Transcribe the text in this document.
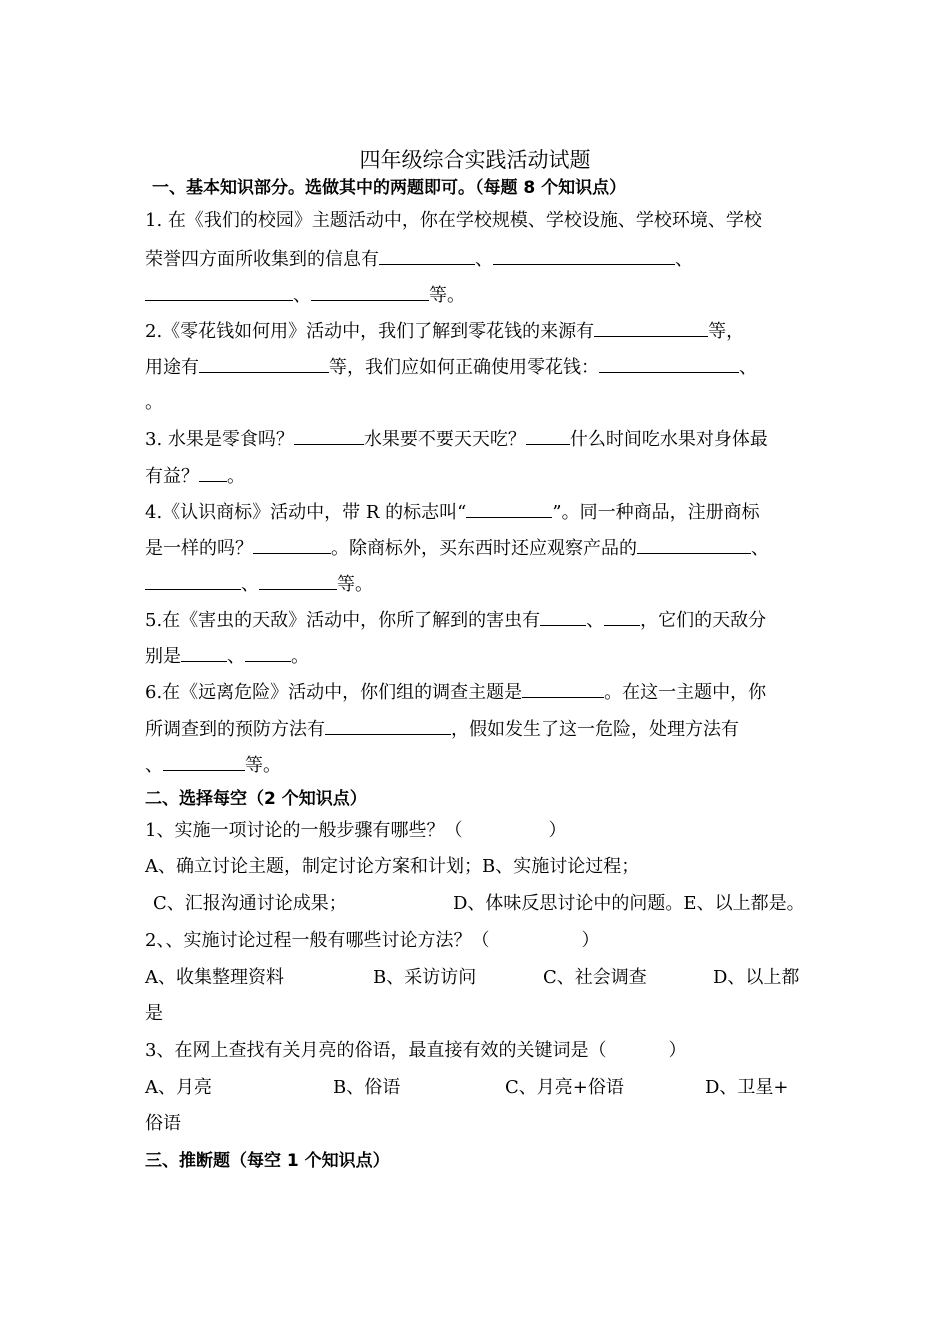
四年级综合实践活动试题
一、基本知识部分。选做其中的两题即可。（每题 8 个知识点）
1. 在《我们的校园》主题活动中，你在学校规模、学校设施、学校环境、学校
荣誉四方面所收集到的信息有	、	、
、	等。
2.《零花钱如何用》活动中，我们了解到零花钱的来源有	等，
用途有	等，我们应如何正确使用零花钱：	、
。
3. 水果是零食吗？	水果要不要天天吃？ 什么时间吃水果对身体最
有益？ 。
4.《认识商标》活动中，带 R 的标志叫“	”。同一种商品，注册商标
是一样的吗？	。除商标外，买东西时还应观察产品的	、
、	等。
5.在《害虫的天敌》活动中，你所了解到的害虫有	、 ，它们的天敌分
别是	、	。
6.在《远离危险》活动中，你们组的调查主题是	。在这一主题中，你
所调查到的预防方法有	，假如发生了这一危险，处理方法有
、	等。
二、选择每空（2 个知识点）
1、实施一项讨论的一般步骤有哪些？（	）
A、确立讨论主题，制定讨论方案和计划；B、实施讨论过程；
C、汇报沟通讨论成果；	D、体味反思讨论中的问题。E、以上都是。
2、、实施讨论过程一般有哪些讨论方法？（	）
A、收集整理资料	B、采访访问	C、社会调查	D、以上都
是
3、在网上查找有关月亮的俗语，最直接有效的关键词是（	）
A、月亮	B、俗语	C、月亮+俗语	D、卫星+
俗语
三、推断题（每空 1 个知识点）
